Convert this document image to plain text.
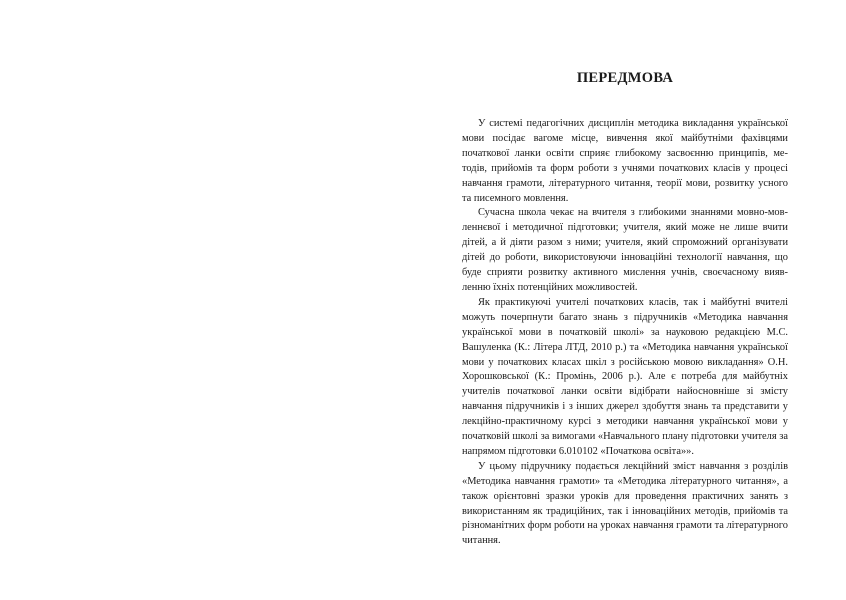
ПЕРЕДМОВА

У системі педагогічних дисциплін методика викладання української мови посідає вагоме місце, вивчення якої майбутніми фахівцями початкової ланки освіти сприяє глибокому засвоєнню принципів, методів, прийомів та форм роботи з учнями початкових класів у процесі навчання грамоти, літературного читання, теорії мови, розвитку усного та писемного мовлення.

Сучасна школа чекає на вчителя з глибокими знаннями мовно-мовленнєвої і методичної підготовки; учителя, який може не лише вчити дітей, а й діяти разом з ними; учителя, який спроможний організувати дітей до роботи, використовуючи інноваційні технології навчання, що буде сприяти розвитку активного мислення учнів, своєчасному виявленню їхніх потенційних можливостей.

Як практикуючі учителі початкових класів, так і майбутні вчителі можуть почерпнути багато знань з підручників «Методика навчання української мови в початковій школі» за науковою редакцією М.С. Вашуленка (К.: Літера ЛТД, 2010 р.) та «Методика навчання української мови у початкових класах шкіл з російською мовою викладання» О.Н. Хорошковської (К.: Промінь, 2006 р.). Але є потреба для майбутніх учителів початкової ланки освіти відібрати найосновніше зі змісту навчання підручників і з інших джерел здобуття знань та представити у лекційно-практичному курсі з методики навчання української мови у початковій школі за вимогами «Навчального плану підготовки учителя за напрямом підготовки 6.010102 «Початкова освіта»».

У цьому підручнику подається лекційний зміст навчання з розділів «Методика навчання грамоти» та «Методика літературного читання», а також орієнтовні зразки уроків для проведення практичних занять з використанням як традиційних, так і інноваційних методів, прийомів та різноманітних форм роботи на уроках навчання грамоти та літературного читання.
